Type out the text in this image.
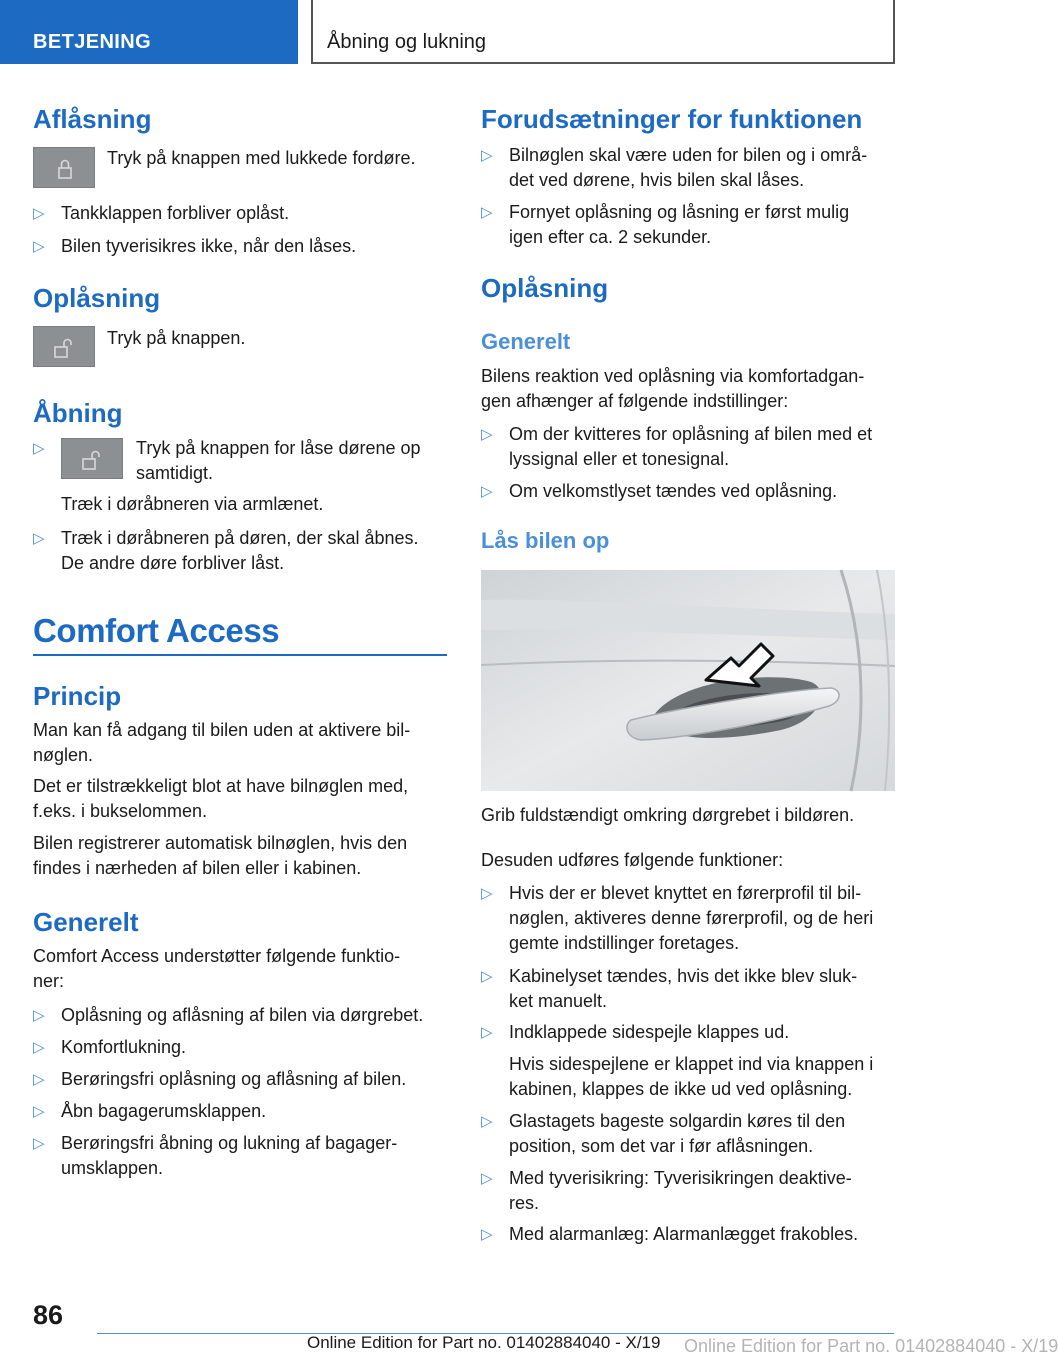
BETJENING	Åbning og lukning
Aflåsning
Tryk på knappen med lukkede fordøre.
▷ Tankklappen forbliver oplåst.
▷ Bilen tyverisikres ikke, når den låses.
Oplåsning
Tryk på knappen.
Åbning
▷	Tryk på knappen for låse dørene op
samtidigt.
Træk i døråbneren via armlænet.
▷ Træk i døråbneren på døren, der skal åbnes.
De andre døre forbliver låst.
Comfort Access
Princip
Man kan få adgang til bilen uden at aktivere bil-
nøglen.
Det er tilstrækkeligt blot at have bilnøglen med,
f.eks. i bukselommen.
Bilen registrerer automatisk bilnøglen, hvis den
findes i nærheden af bilen eller i kabinen.
Generelt
Comfort Access understøtter følgende funktio-
ner:
▷ Oplåsning og aflåsning af bilen via dørgrebet.
▷ Komfortlukning.
▷ Berøringsfri oplåsning og aflåsning af bilen.
▷ Åbn bagagerumsklappen.
▷ Berøringsfri åbning og lukning af bagager-
umsklappen.
Forudsætninger for funktionen
▷ Bilnøglen skal være uden for bilen og i områ-
det ved dørene, hvis bilen skal låses.
▷ Fornyet oplåsning og låsning er først mulig
igen efter ca. 2 sekunder.
Oplåsning
Generelt
Bilens reaktion ved oplåsning via komfortadgan-
gen afhænger af følgende indstillinger:
▷ Om der kvitteres for oplåsning af bilen med et
lyssignal eller et tonesignal.
▷ Om velkomstlyset tændes ved oplåsning.
Lås bilen op
Grib fuldstændigt omkring dørgrebet i bildøren.
Desuden udføres følgende funktioner:
▷ Hvis der er blevet knyttet en førerprofil til bil-
nøglen, aktiveres denne førerprofil, og de heri
gemte indstillinger foretages.
▷ Kabinelyset tændes, hvis det ikke blev sluk-
ket manuelt.
▷ Indklappede sidespejle klappes ud.
Hvis sidespejlene er klappet ind via knappen i
kabinen, klappes de ikke ud ved oplåsning.
▷ Glastagets bageste solgardin køres til den
position, som det var i før aflåsningen.
▷ Med tyverisikring: Tyverisikringen deaktive-
res.
▷ Med alarmanlæg: Alarmanlægget frakobles.
86
Online Edition for Part no. 01402884040 - X/19 Online Edition for Part no. 01402884040 - X/19
